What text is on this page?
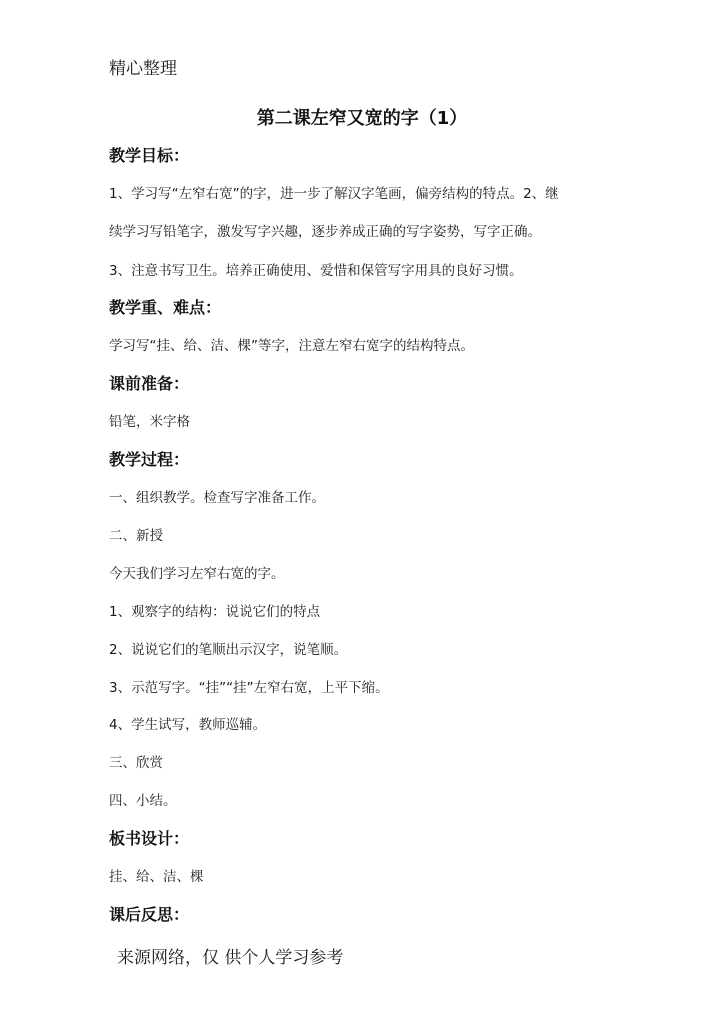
精心整理
第二课左窄又宽的字（1）
教学目标：
1、学习写“左窄右宽”的字，进一步了解汉字笔画，偏旁结构的特点。2、继
续学习写铅笔字，激发写字兴趣，逐步养成正确的写字姿势，写字正确。
3、注意书写卫生。培养正确使用、爱惜和保管写字用具的良好习惯。
教学重、难点：
学习写“挂、给、洁、棵”等字，注意左窄右宽字的结构特点。
课前准备：
铅笔，米字格
教学过程：
一、组织教学。检查写字准备工作。
二、新授
今天我们学习左窄右宽的字。
1、观察字的结构：说说它们的特点
2、说说它们的笔顺出示汉字，说笔顺。
3、示范写字。“挂”“挂”左窄右宽，上平下缩。
4、学生试写，教师巡辅。
三、欣赏
四、小结。
板书设计：
挂、给、洁、棵
课后反思：
来源网络，仅 供个人学习参考
